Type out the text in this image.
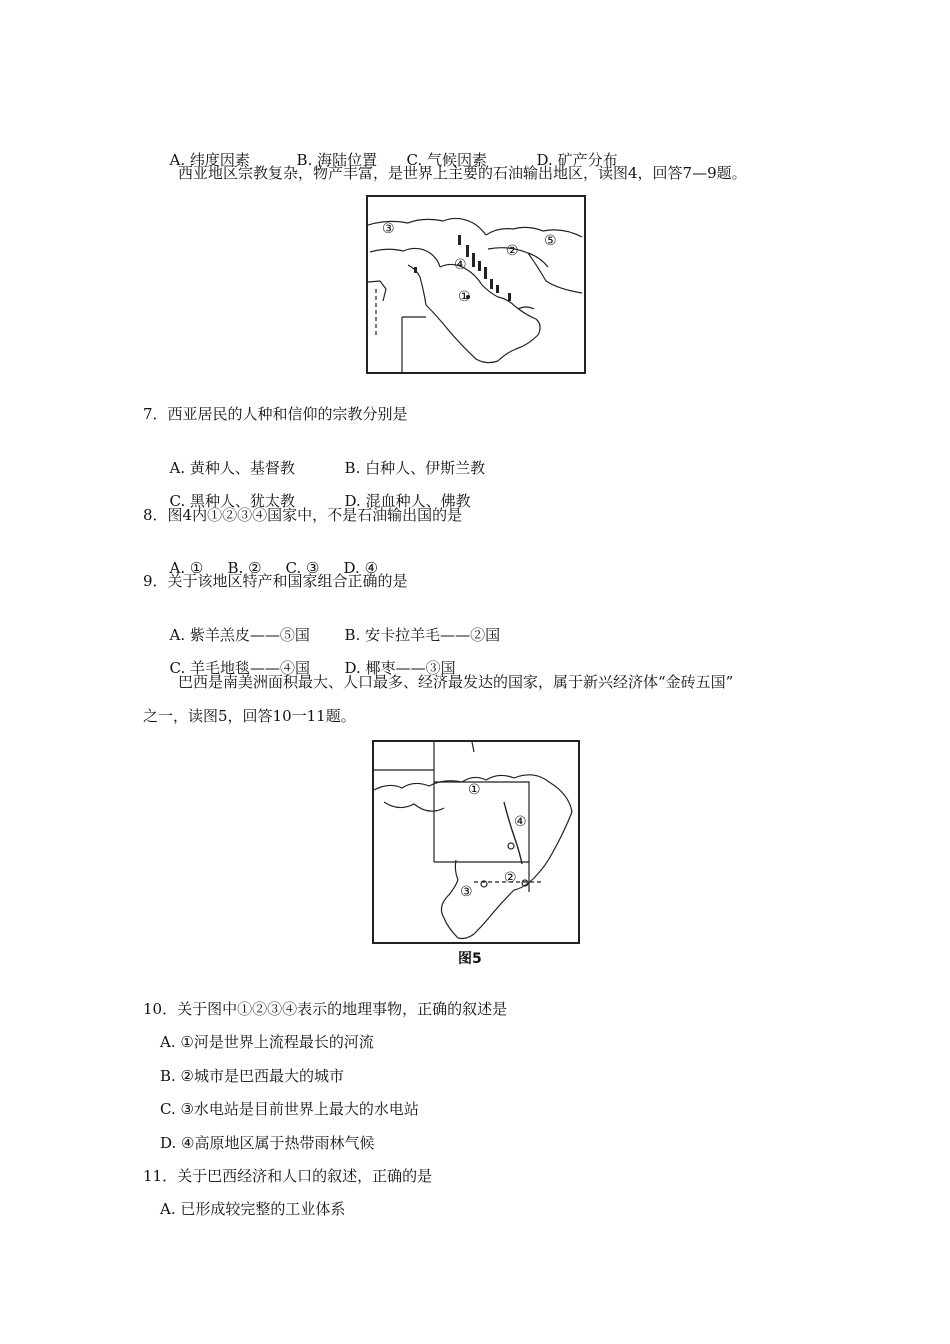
A. 纬度因素	B. 海陆位置 C. 气候因素	D. 矿产分布

西亚地区宗教复杂，物产丰富，是世界上主要的石油输出地区，读图4，回答7—9题。
③
②
⑤
④
①
7．西亚居民的人种和信仰的宗教分别是

A. 黄种人、基督教	B. 白种人、伊斯兰教

C. 黑种人、犹太教	D. 混血种人、佛教

8．图4内①②③④国家中，不是石油输出国的是

A. ① B. ② C. ③ D. ④

9．关于该地区特产和国家组合正确的是

A. 紫羊羔皮——⑤国 B. 安卡拉羊毛——②国

C. 羊毛地毯——④国 D. 椰枣——③国

巴西是南美洲面积最大、人口最多、经济最发达的国家，属于新兴经济体“金砖五国”
之一，读图5，回答10一11题。
①
④
②
③
图5
10．关于图中①②③④表示的地理事物，正确的叙述是
A. ①河是世界上流程最长的河流
B. ②城市是巴西最大的城市
C. ③水电站是目前世界上最大的水电站
D. ④高原地区属于热带雨林气候
11．关于巴西经济和人口的叙述，正确的是
A. 已形成较完整的工业体系
